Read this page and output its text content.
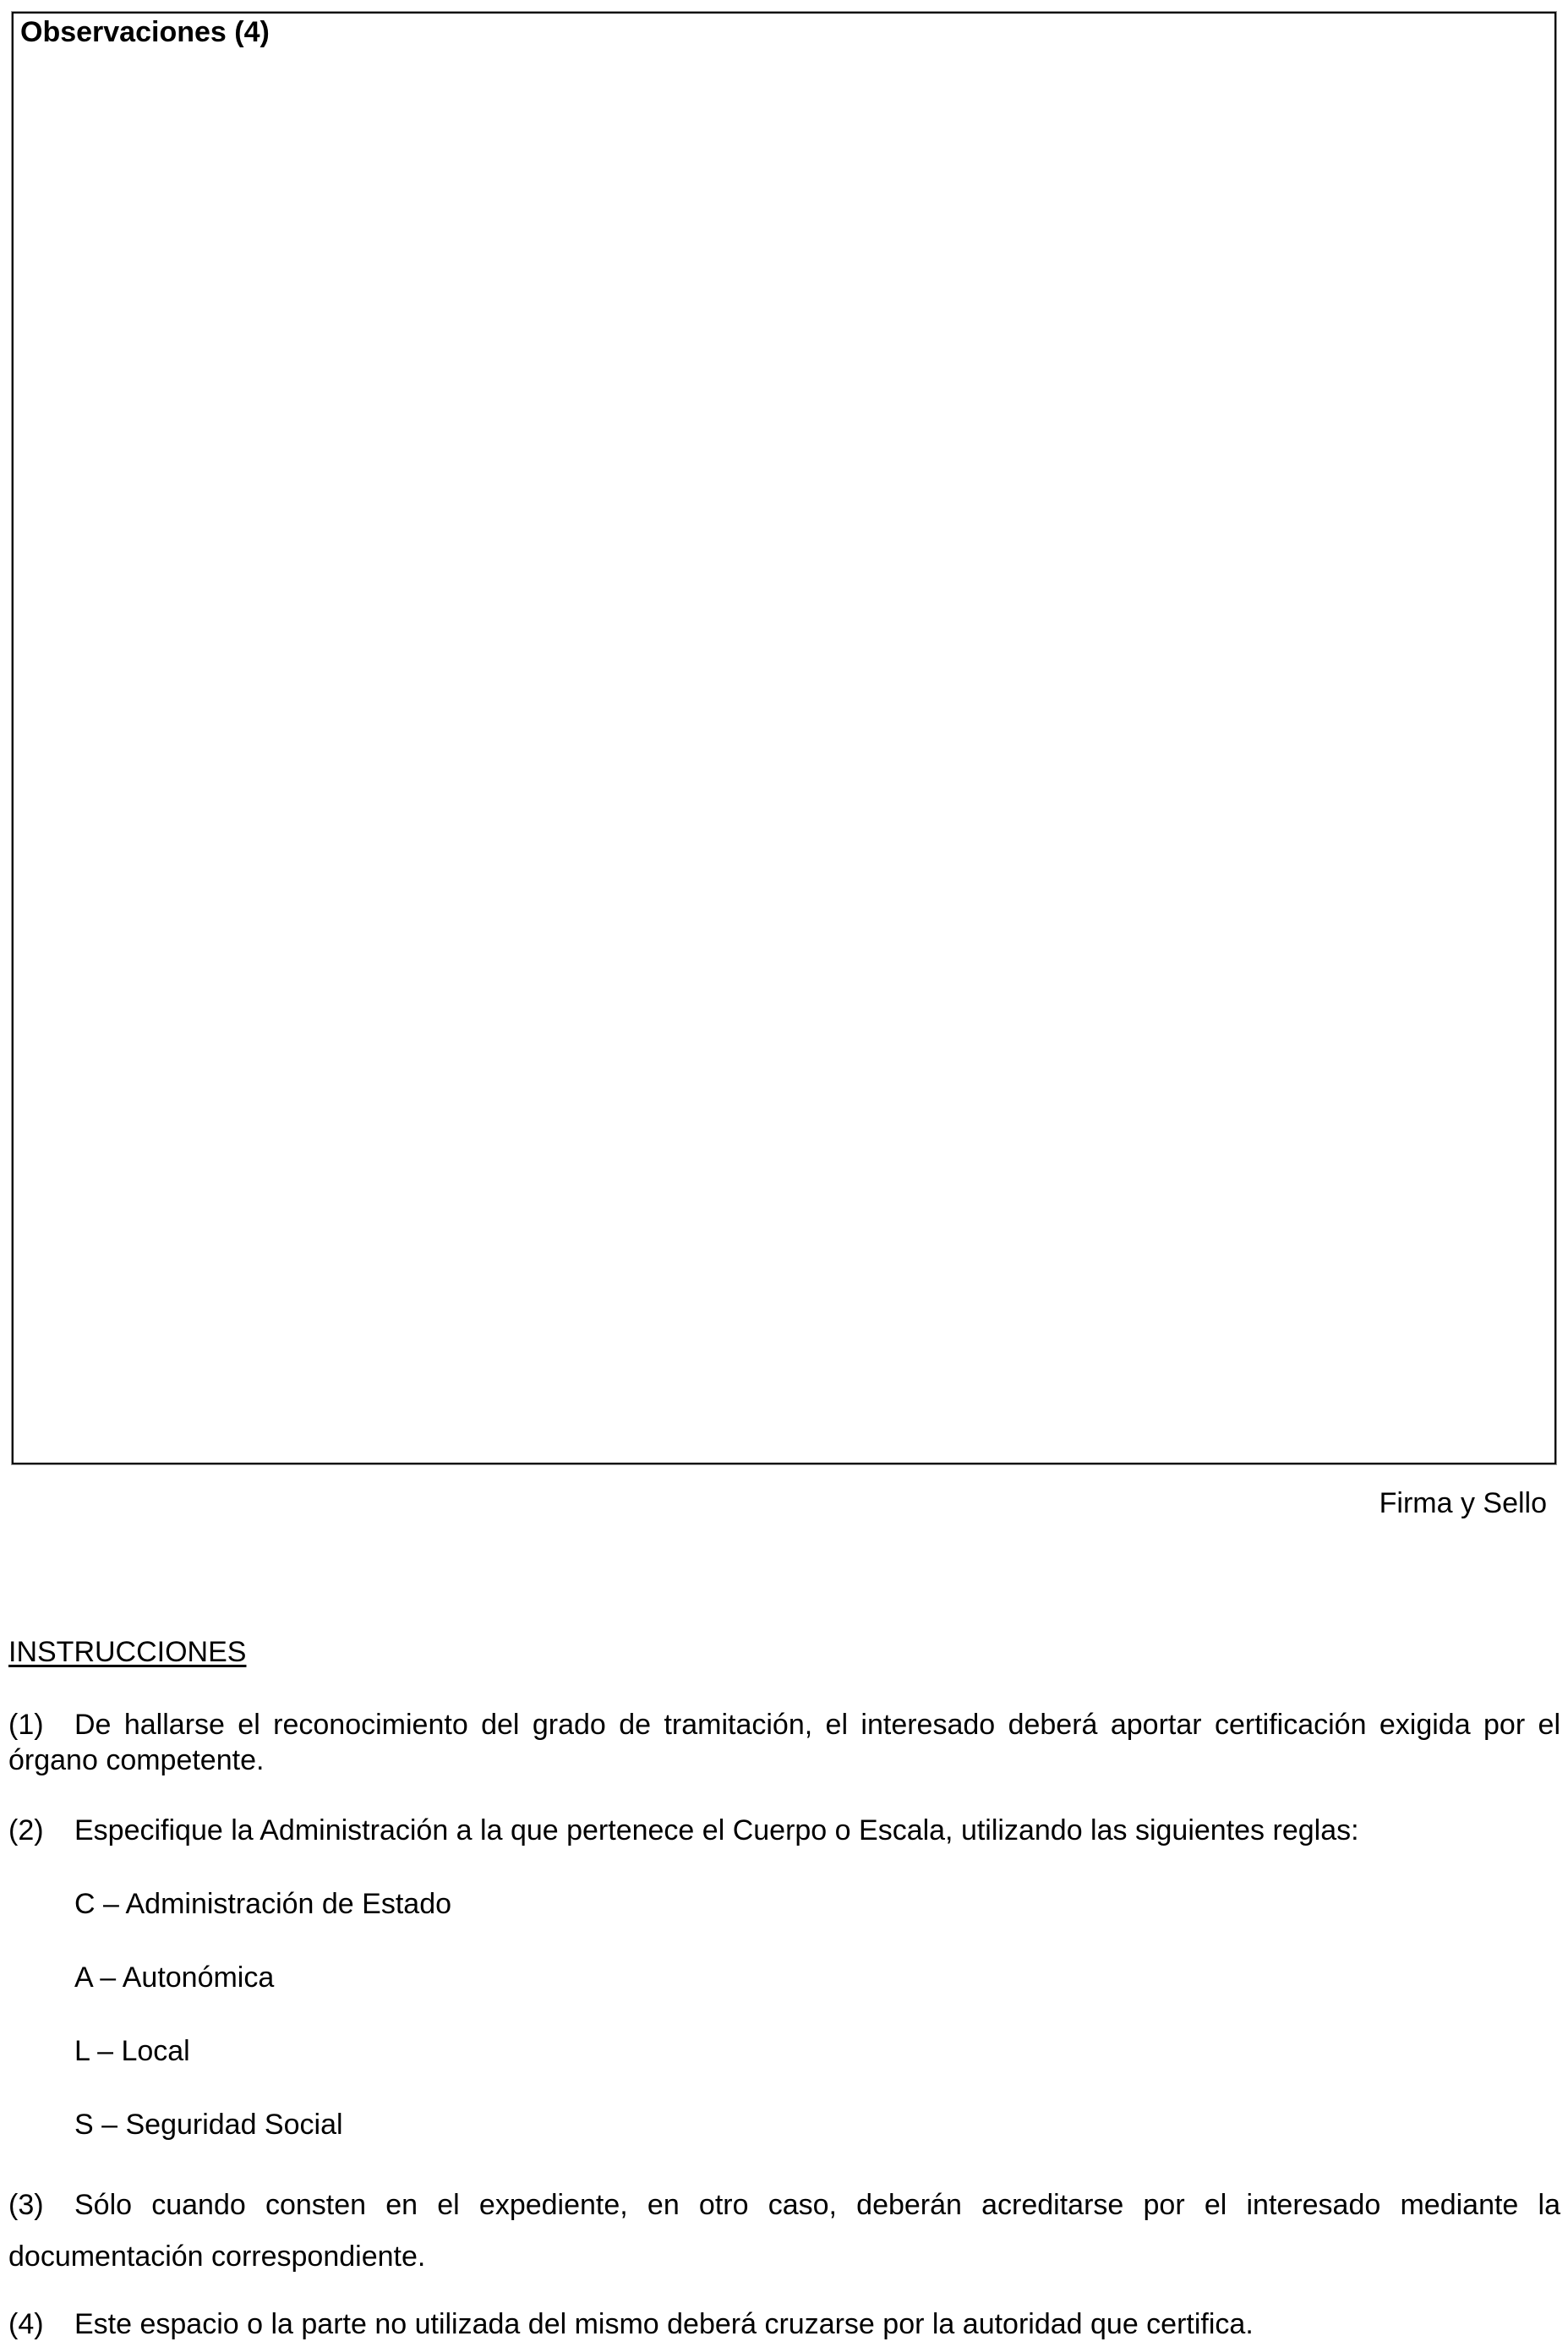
Observaciones (4)
Firma y Sello
INSTRUCCIONES
(1) De hallarse el reconocimiento del grado de tramitación, el interesado deberá aportar certificación exigida por el órgano competente.
(2) Especifique la Administración a la que pertenece el Cuerpo o Escala, utilizando las siguientes reglas:
C – Administración de Estado
A – Autonómica
L – Local
S – Seguridad Social
(3) Sólo cuando consten en el expediente, en otro caso, deberán acreditarse por el interesado mediante la
documentación correspondiente.
(4) Este espacio o la parte no utilizada del mismo deberá cruzarse por la autoridad que certifica.
